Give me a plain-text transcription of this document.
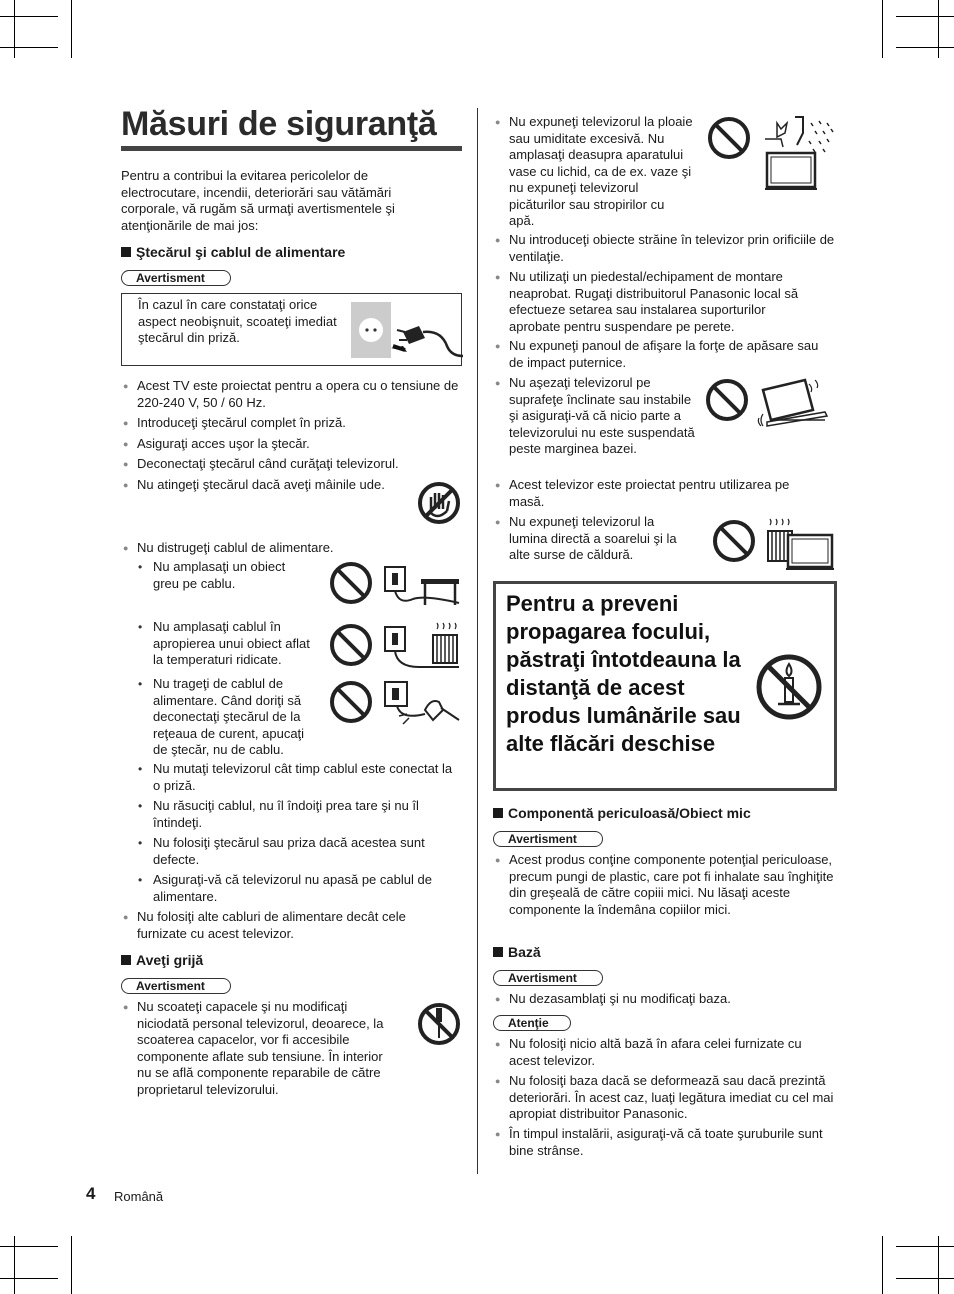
Măsuri de siguranţă
Pentru a contribui la evitarea pericolelor de electrocutare, incendii, deteriorări sau vătămări corporale, vă rugăm să urmaţi avertismentele şi atenţionările de mai jos:
Ştecărul şi cablul de alimentare
Avertisment
În cazul în care constataţi orice aspect neobişnuit, scoateţi imediat ştecărul din priză.
● Acest TV este proiectat pentru a opera cu o tensiune de 220-240 V, 50 / 60 Hz.
● Introduceţi ştecărul complet în priză.
● Asiguraţi acces uşor la ştecăr.
● Deconectaţi ştecărul când curăţaţi televizorul.
● Nu atingeţi ştecărul dacă aveţi mâinile ude.
● Nu distrugeţi cablul de alimentare.
• Nu amplasaţi un obiect greu pe cablu.
• Nu amplasaţi cablul în apropierea unui obiect aflat la temperaturi ridicate.
• Nu trageţi de cablul de alimentare. Când doriţi să deconectaţi ştecărul de la reţeaua de curent, apucaţi de ştecăr, nu de cablu.
• Nu mutaţi televizorul cât timp cablul este conectat la o priză.
• Nu răsuciţi cablul, nu îl îndoiţi prea tare şi nu îl întindeţi.
• Nu folosiţi ştecărul sau priza dacă acestea sunt defecte.
• Asiguraţi-vă că televizorul nu apasă pe cablul de alimentare.
● Nu folosiţi alte cabluri de alimentare decât cele furnizate cu acest televizor.
Aveţi grijă
Avertisment
● Nu scoateţi capacele şi nu modificaţi niciodată personal televizorul, deoarece, la scoaterea capacelor, vor fi accesibile componente aflate sub tensiune. În interior nu se află componente reparabile de către proprietarul televizorului.
● Nu expuneţi televizorul la ploaie sau umiditate excesivă. Nu amplasaţi deasupra aparatului vase cu lichid, ca de ex. vaze şi nu expuneţi televizorul picăturilor sau stropirilor cu apă.
● Nu introduceţi obiecte străine în televizor prin orificiile de ventilaţie.
● Nu utilizaţi un piedestal/echipament de montare neaprobat. Rugaţi distribuitorul Panasonic local să efectueze setarea sau instalarea suporturilor aprobate pentru suspendare pe perete.
● Nu expuneţi panoul de afişare la forţe de apăsare sau de impact puternice.
● Nu aşezaţi televizorul pe suprafeţe înclinate sau instabile şi asiguraţi-vă că nicio parte a televizorului nu este suspendată peste marginea bazei.
● Acest televizor este proiectat pentru utilizarea pe masă.
● Nu expuneţi televizorul la lumina directă a soarelui şi la alte surse de căldură.
Pentru a preveni propagarea focului, păstraţi întotdeauna la distanţă de acest produs lumânările sau alte flăcări deschise
Componentă periculoasă/Obiect mic
Avertisment
● Acest produs conţine componente potenţial periculoase, precum pungi de plastic, care pot fi inhalate sau înghiţite din greşeală de către copiii mici. Nu lăsaţi aceste componente la îndemâna copiilor mici.
Bază
Avertisment
● Nu dezasamblaţi şi nu modificaţi baza.
Atenţie
● Nu folosiţi nicio altă bază în afara celei furnizate cu acest televizor.
● Nu folosiţi baza dacă se deformează sau dacă prezintă deteriorări. În acest caz, luaţi legătura imediat cu cel mai apropiat distribuitor Panasonic.
● În timpul instalării, asiguraţi-vă că toate şuruburile sunt bine strânse.
4 Română
